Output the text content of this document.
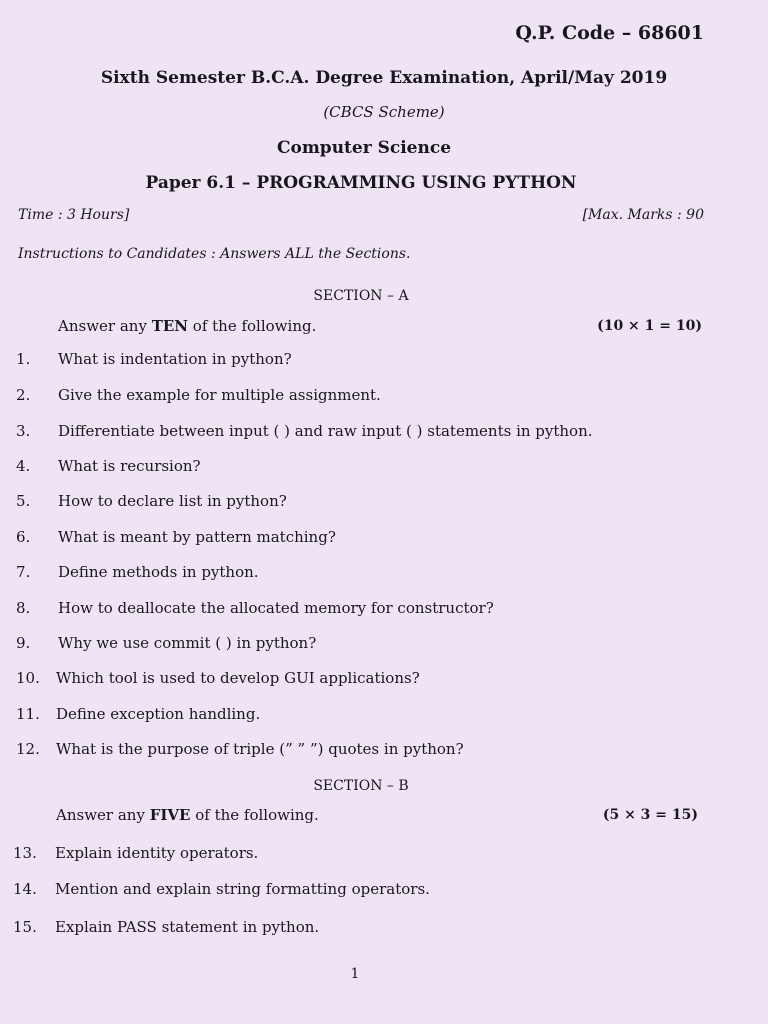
Q.P. Code – 68601
Sixth Semester B.C.A. Degree Examination, April/May 2019
(CBCS Scheme)
Computer Science
Paper 6.1 – PROGRAMMING USING PYTHON
Time : 3 Hours]	[Max. Marks : 90
Instructions to Candidates : Answers ALL the Sections.
SECTION – A
Answer any TEN of the following.	(10 × 1 = 10)
1.	What is indentation in python?
2.	Give the example for multiple assignment.
3.	Differentiate between input ( ) and raw input ( ) statements in python.
4.	What is recursion?
5.	How to declare list in python?
6.	What is meant by pattern matching?
7.	Define methods in python.
8.	How to deallocate the allocated memory for constructor?
9.	Why we use commit ( ) in python?
10.	Which tool is used to develop GUI applications?
11.	Define exception handling.
12.	What is the purpose of triple (” ” ”) quotes in python?
SECTION – B
Answer any FIVE of the following.	(5 × 3 = 15)
13.	Explain identity operators.
14.	Mention and explain string formatting operators.
15.	Explain PASS statement in python.
1
